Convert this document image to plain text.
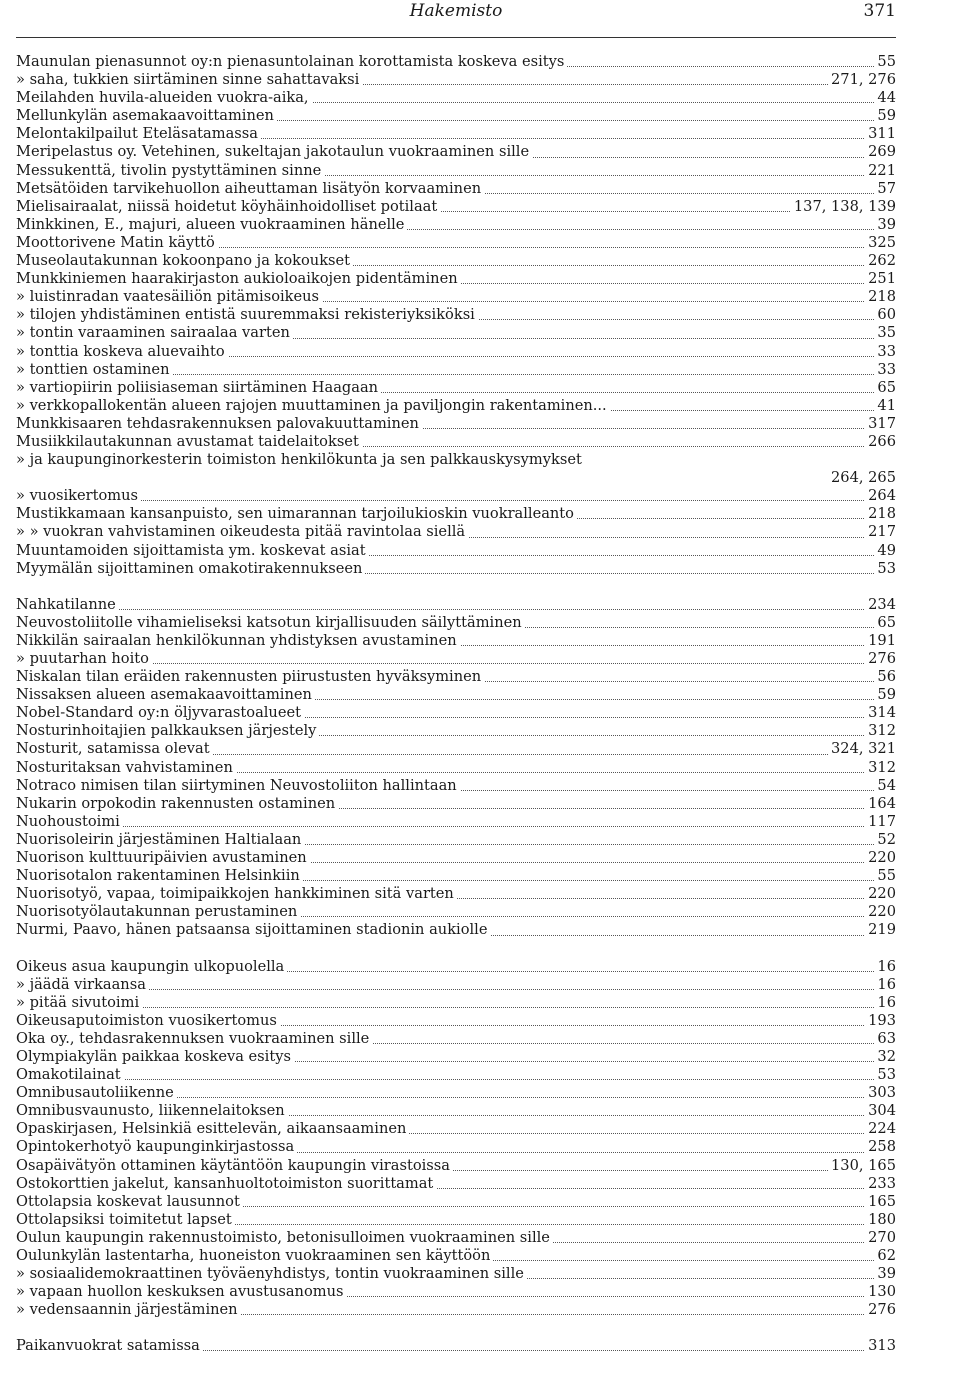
Hakemisto	371
Maunulan pienasunnot oy:n pienasuntolainan korottamista koskeva esitys	55
» saha, tukkien siirtäminen sinne sahattavaksi	271, 276
Meilahden huvila-alueiden vuokra-aika,	44
Mellunkylän asemakaavoittaminen	59
Melontakilpailut Eteläsatamassa	311
Meripelastus oy. Vetehinen, sukeltajan jakotaulun vuokraaminen sille	269
Messukenttä, tivolin pystyttäminen sinne	221
Metsätöiden tarvikehuollon aiheuttaman lisätyön korvaaminen	57
Mielisairaalat, niissä hoidetut köyhäinhoidolliset potilaat	137, 138, 139
Minkkinen, E., majuri, alueen vuokraaminen hänelle	39
Moottorivene Matin käyttö	325
Museolautakunnan kokoonpano ja kokoukset	262
Munkkiniemen haarakirjaston aukioloaikojen pidentäminen	251
» luistinradan vaatesäiliön pitämisoikeus	218
» tilojen yhdistäminen entistä suuremmaksi rekisteriyksiköksi	60
» tontin varaaminen sairaalaa varten	35
» tonttia koskeva aluevaihto	33
» tonttien ostaminen	33
» vartiopiirin poliisiaseman siirtäminen Haagaan	65
» verkkopallokentän alueen rajojen muuttaminen ja paviljongin rakentaminen...	41
Munkkisaaren tehdasrakennuksen palovakuuttaminen	317
Musiikkilautakunnan avustamat taidelaitokset	266
» ja kaupunginorkesterin toimiston henkilökunta ja sen palkkauskysymykset
264, 265
» vuosikertomus	264
Mustikkamaan kansanpuisto, sen uimarannan tarjoilukioskin vuokralleanto	218
» » vuokran vahvistaminen oikeudesta pitää ravintolaa siellä	217
Muuntamoiden sijoittamista ym. koskevat asiat	49
Myymälän sijoittaminen omakotirakennukseen	53
Nahkatilanne	234
Neuvostoliitolle vihamieliseksi katsotun kirjallisuuden säilyttäminen	65
Nikkilän sairaalan henkilökunnan yhdistyksen avustaminen	191
» puutarhan hoito	276
Niskalan tilan eräiden rakennusten piirustusten hyväksyminen	56
Nissaksen alueen asemakaavoittaminen	59
Nobel-Standard oy:n öljyvarastoalueet	314
Nosturinhoitajien palkkauksen järjestely	312
Nosturit, satamissa olevat	324, 321
Nosturitaksan vahvistaminen	312
Notraco nimisen tilan siirtyminen Neuvostoliiton hallintaan	54
Nukarin orpokodin rakennusten ostaminen	164
Nuohoustoimi	117
Nuorisoleirin järjestäminen Haltialaan	52
Nuorison kulttuuripäivien avustaminen	220
Nuorisotalon rakentaminen Helsinkiin	55
Nuorisotyö, vapaa, toimipaikkojen hankkiminen sitä varten	220
Nuorisotyölautakunnan perustaminen	220
Nurmi, Paavo, hänen patsaansa sijoittaminen stadionin aukiolle	219
Oikeus asua kaupungin ulkopuolella	16
» jäädä virkaansa	16
» pitää sivutoimi	16
Oikeusaputoimiston vuosikertomus	193
Oka oy., tehdasrakennuksen vuokraaminen sille	63
Olympiakylän paikkaa koskeva esitys	32
Omakotilainat	53
Omnibusautoliikenne	303
Omnibusvaunusto, liikennelaitoksen	304
Opaskirjasen, Helsinkiä esittelevän, aikaansaaminen	224
Opintokerhotyö kaupunginkirjastossa	258
Osapäivätyön ottaminen käytäntöön kaupungin virastoissa	130, 165
Ostokorttien jakelut, kansanhuoltotoimiston suorittamat	233
Ottolapsia koskevat lausunnot	165
Ottolapsiksi toimitetut lapset	180
Oulun kaupungin rakennustoimisto, betonisulloimen vuokraaminen sille	270
Oulunkylän lastentarha, huoneiston vuokraaminen sen käyttöön	62
» sosiaalidemokraattinen työväenyhdistys, tontin vuokraaminen sille	39
» vapaan huollon keskuksen avustusanomus	130
» vedensaannin järjestäminen	276
Paikanvuokrat satamissa	313
